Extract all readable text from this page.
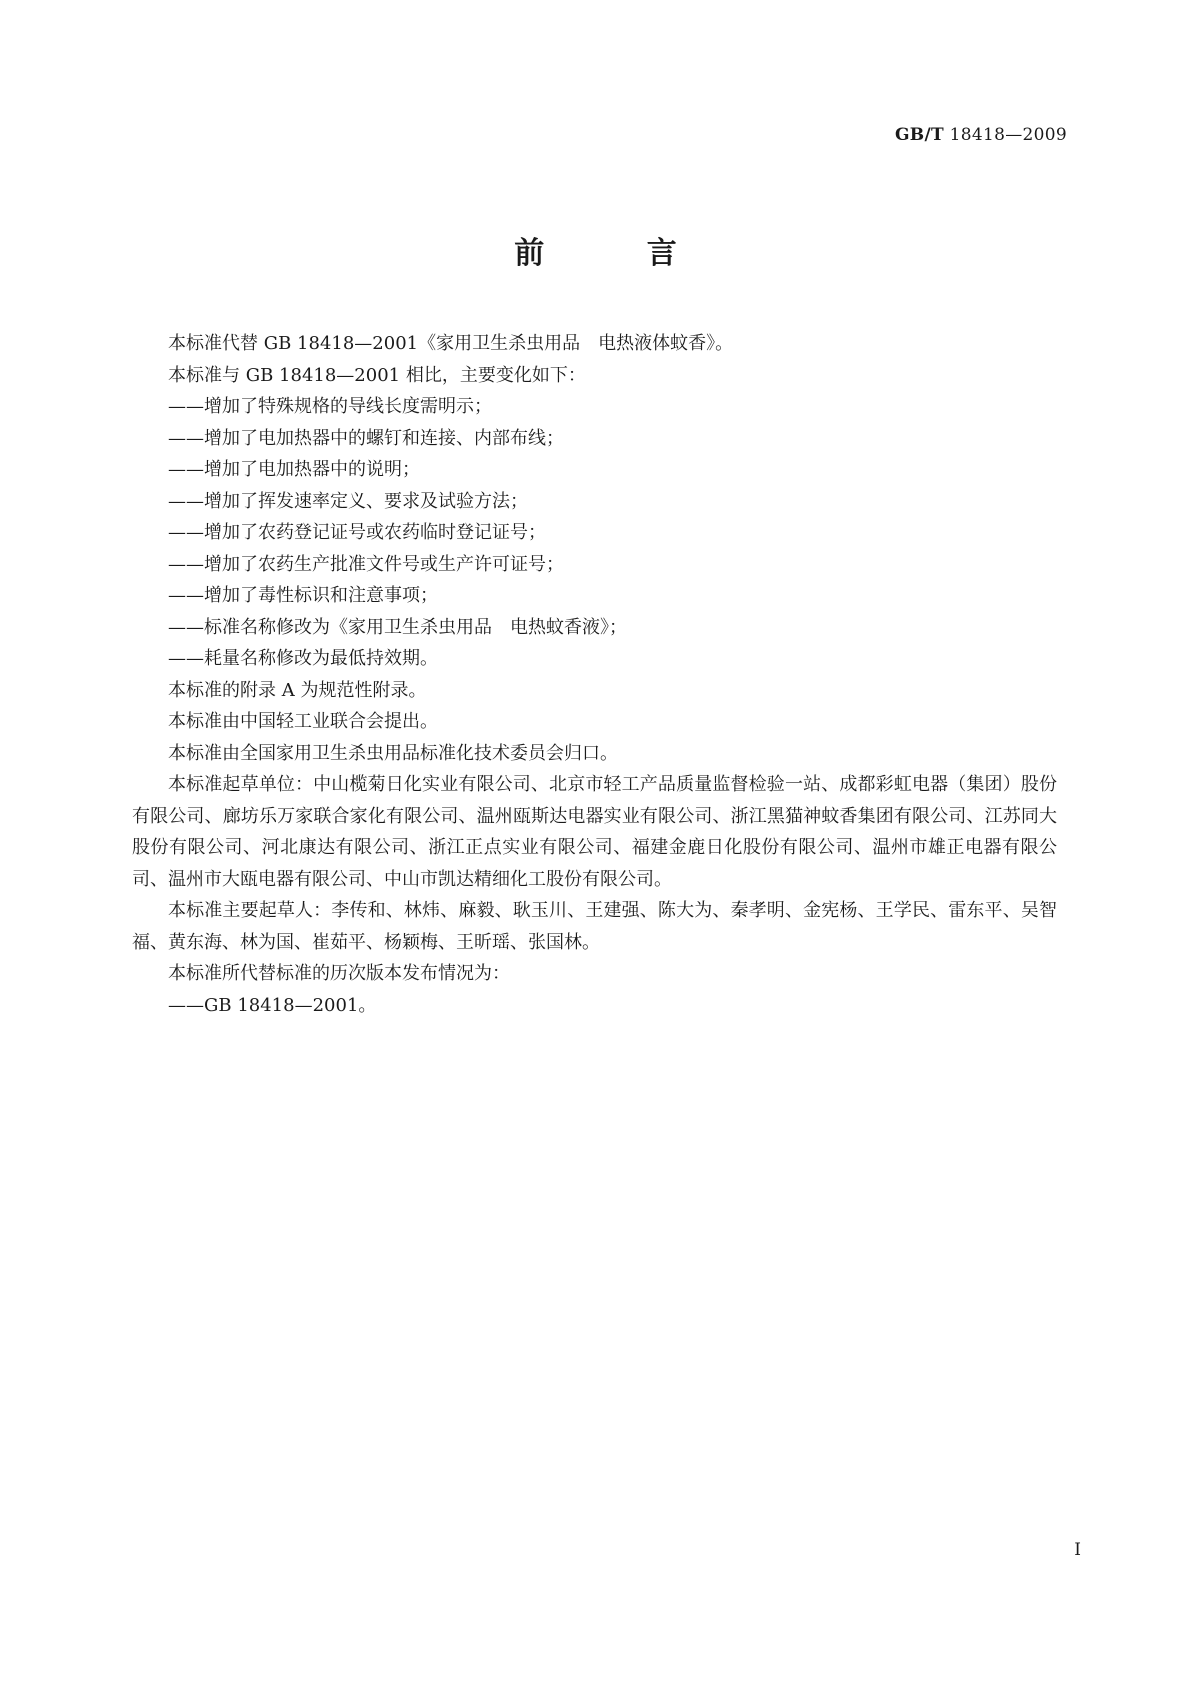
GB/T 18418—2009
前 言

本标准代替 GB 18418—2001《家用卫生杀虫用品　电热液体蚊香》。

本标准与 GB 18418—2001 相比，主要变化如下：

——增加了特殊规格的导线长度需明示；

——增加了电加热器中的螺钉和连接、内部布线；

——增加了电加热器中的说明；

——增加了挥发速率定义、要求及试验方法；

——增加了农药登记证号或农药临时登记证号；

——增加了农药生产批准文件号或生产许可证号；

——增加了毒性标识和注意事项；

——标准名称修改为《家用卫生杀虫用品　电热蚊香液》；

——耗量名称修改为最低持效期。

本标准的附录 A 为规范性附录。

本标准由中国轻工业联合会提出。

本标准由全国家用卫生杀虫用品标准化技术委员会归口。

本标准起草单位：中山榄菊日化实业有限公司、北京市轻工产品质量监督检验一站、成都彩虹电器（集团）股份有限公司、廊坊乐万家联合家化有限公司、温州瓯斯达电器实业有限公司、浙江黑猫神蚊香集团有限公司、江苏同大股份有限公司、河北康达有限公司、浙江正点实业有限公司、福建金鹿日化股份有限公司、温州市雄正电器有限公司、温州市大瓯电器有限公司、中山市凯达精细化工股份有限公司。

本标准主要起草人：李传和、林炜、麻毅、耿玉川、王建强、陈大为、秦孝明、金宪杨、王学民、雷东平、吴智福、黄东海、林为国、崔茹平、杨颖梅、王昕瑶、张国林。

本标准所代替标准的历次版本发布情况为：

——GB 18418—2001。

I
